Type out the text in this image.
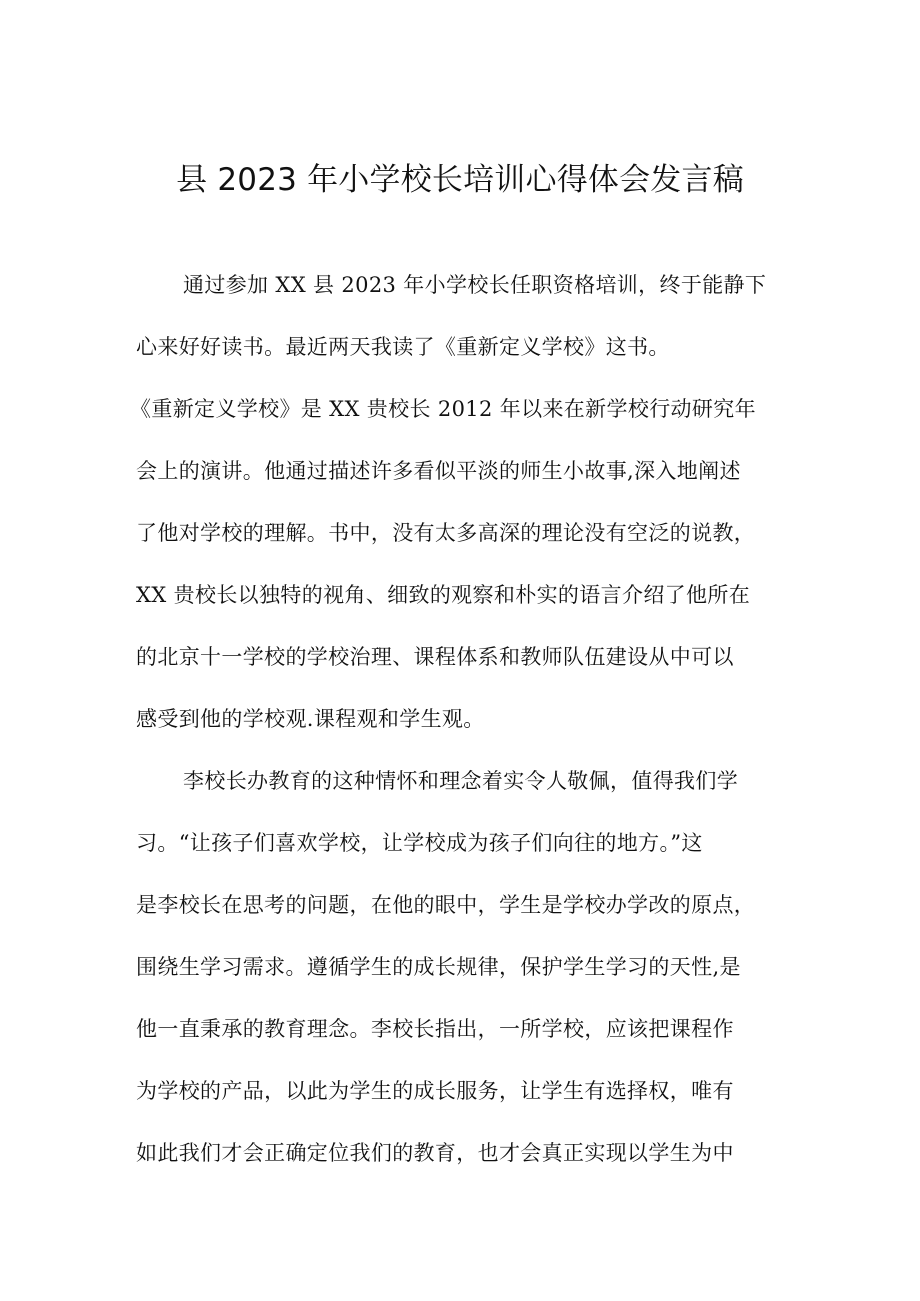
县 2023 年小学校长培训心得体会发言稿
通过参加 XX 县 2023 年小学校长任职资格培训，终于能静下
心来好好读书。最近两天我读了《重新定义学校》这书。
《重新定义学校》是 XX 贵校长 2012 年以来在新学校行动研究年
会上的演讲。他通过描述许多看似平淡的师生小故事,深入地阐述
了他对学校的理解。书中，没有太多高深的理论没有空泛的说教，
XX 贵校长以独特的视角、细致的观察和朴实的语言介绍了他所在
的北京十一学校的学校治理、课程体系和教师队伍建设从中可以
感受到他的学校观.课程观和学生观。
李校长办教育的这种情怀和理念着实令人敬佩，值得我们学
习。“让孩子们喜欢学校，让学校成为孩子们向往的地方。”这
是李校长在思考的问题，在他的眼中，学生是学校办学改的原点，
围绕生学习需求。遵循学生的成长规律，保护学生学习的天性,是
他一直秉承的教育理念。李校长指出，一所学校，应该把课程作
为学校的产品，以此为学生的成长服务，让学生有选择权，唯有
如此我们才会正确定位我们的教育，也才会真正实现以学生为中
